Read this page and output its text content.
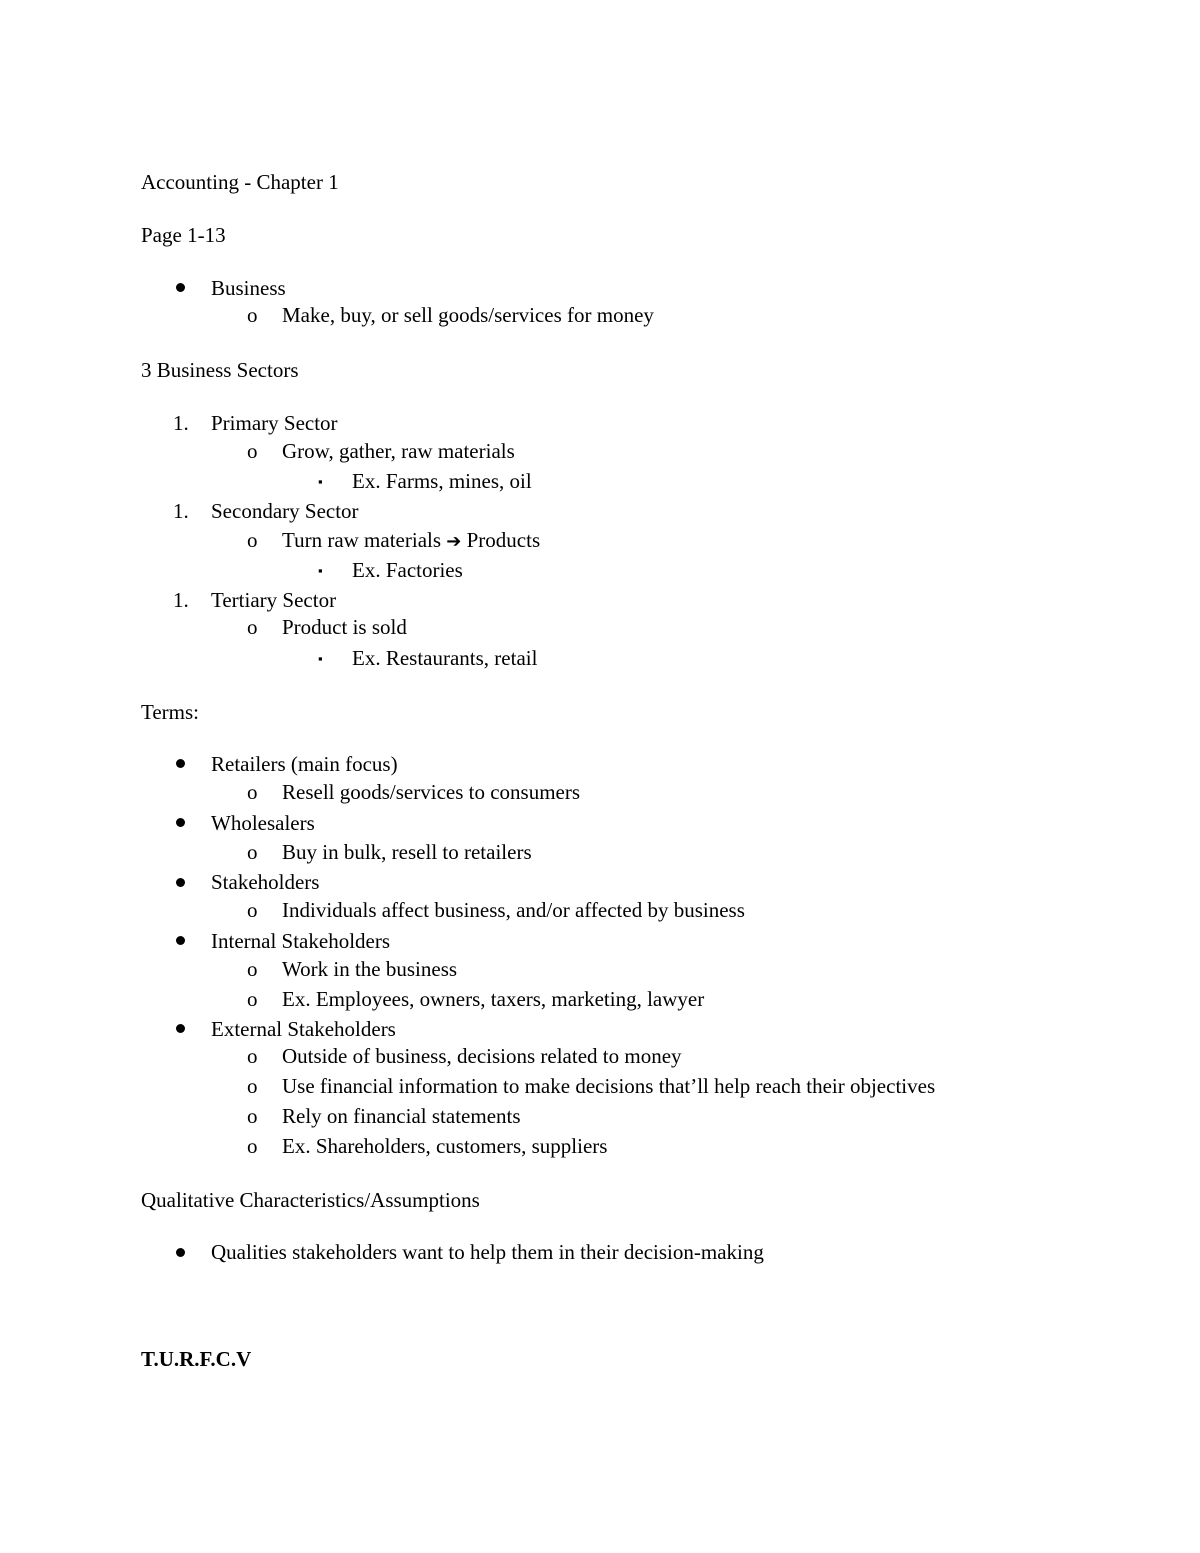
Accounting - Chapter 1
Page 1-13
Business
o Make, buy, or sell goods/services for money
3 Business Sectors
1.	Primary Sector
o Grow, gather, raw materials
▪ Ex. Farms, mines, oil
1.	Secondary Sector
o Turn raw materials ➔ Products
▪ Ex. Factories
1.	Tertiary Sector
o Product is sold
▪ Ex. Restaurants, retail
Terms:
Retailers (main focus)
o Resell goods/services to consumers
Wholesalers
o Buy in bulk, resell to retailers
Stakeholders
o Individuals affect business, and/or affected by business
Internal Stakeholders
o Work in the business
o Ex. Employees, owners, taxers, marketing, lawyer
External Stakeholders
o Outside of business, decisions related to money
o Use financial information to make decisions that’ll help reach their objectives
o Rely on financial statements
o Ex. Shareholders, customers, suppliers
Qualitative Characteristics/Assumptions
Qualities stakeholders want to help them in their decision-making
T.U.R.F.C.V
